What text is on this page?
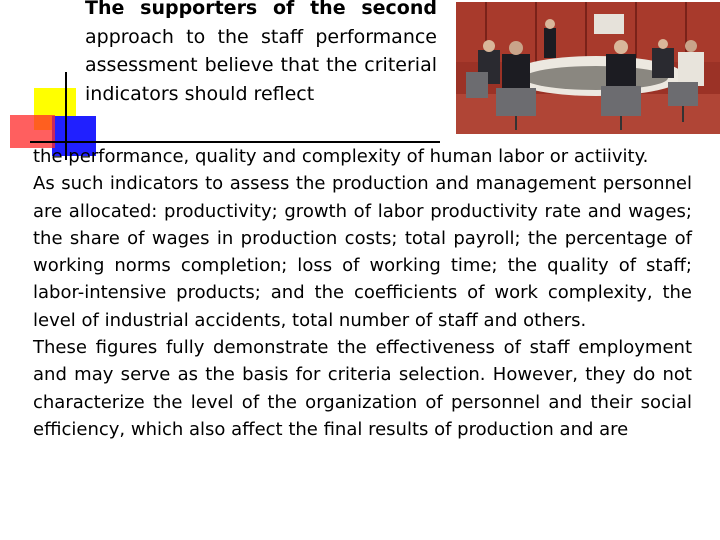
The supporters of the second approach to the staff performance assessment believe that the criterial indicators should reflect

the performance, quality and complexity of human labor or actiivity.

As such indicators to assess the production and management personnel are allocated: productivity; growth of labor productivity rate and wages; the share of wages in production costs; total payroll; the percentage of working norms completion; loss of working time; the quality of staff; labor-intensive products; and the coefficients of work complexity, the level of industrial accidents, total number of staff and others.

These figures fully demonstrate the effectiveness of staff employment and may serve as the basis for criteria selection. However, they do not characterize the level of the organization of personnel and their social efficiency, which also affect the final results of production and are
